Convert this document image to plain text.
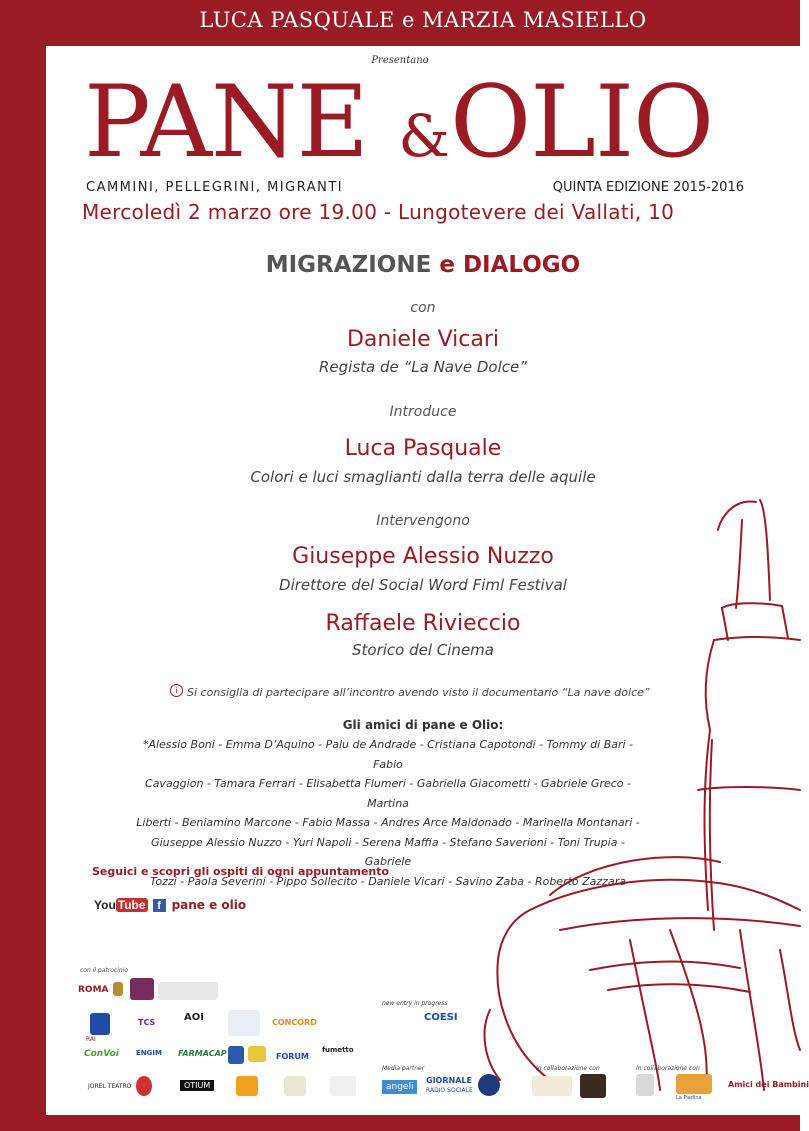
LUCA PASQUALE e MARZIA MASIELLO
Presentano
PANE &OLIO
CAMMINI, PELLEGRINI, MIGRANTI	QUINTA EDIZIONE 2015-2016
Mercoledì 2 marzo ore 19.00 - Lungotevere dei Vallati, 10
MIGRAZIONE e DIALOGO
con
Daniele Vicari
Regista de “La Nave Dolce”
Introduce
Luca Pasquale
Colori e luci smaglianti dalla terra delle aquile
Intervengono
Giuseppe Alessio Nuzzo
Direttore del Social Word Fiml Festival
Raffaele Rivieccio
Storico del Cinema
i Si consiglia di partecipare all’incontro avendo visto il documentario “La nave dolce”
Gli amici di pane e Olio:
*Alessio Boni - Emma D’Aquino - Palu de Andrade - Cristiana Capotondi - Tommy di Bari - Fabio
Cavaggion - Tamara Ferrari - Elisabetta Flumeri - Gabriella Giacometti - Gabriele Greco - Martina
Liberti - Beniamino Marcone - Fabio Massa - Andres Arce Maldonado - Marinella Montanari -
Giuseppe Alessio Nuzzo - Yuri Napoli - Serena Maffia - Stefano Saverioni - Toni Trupia - Gabriele
Tozzi - Paola Severini - Pippo Sollecito - Daniele Vicari - Savino Zaba - Roberto Zazzara
Seguici e scopri gli ospiti di ogni appuntamento
You Tube	f pane e olio
con il patrocinio
ROMA
RAI
TCS	AOI	CONCORD
ConVoi ENGIM FARMACAP	FORUM
fumetto
JOREL TEATRO	OTIUM
new entry in progress
COESI
Media partner
angeli
GIORNALE
RADIO SOCIALE
In collaborazione con	In collaborazione con
La Piadina
Amici dei Bambini
